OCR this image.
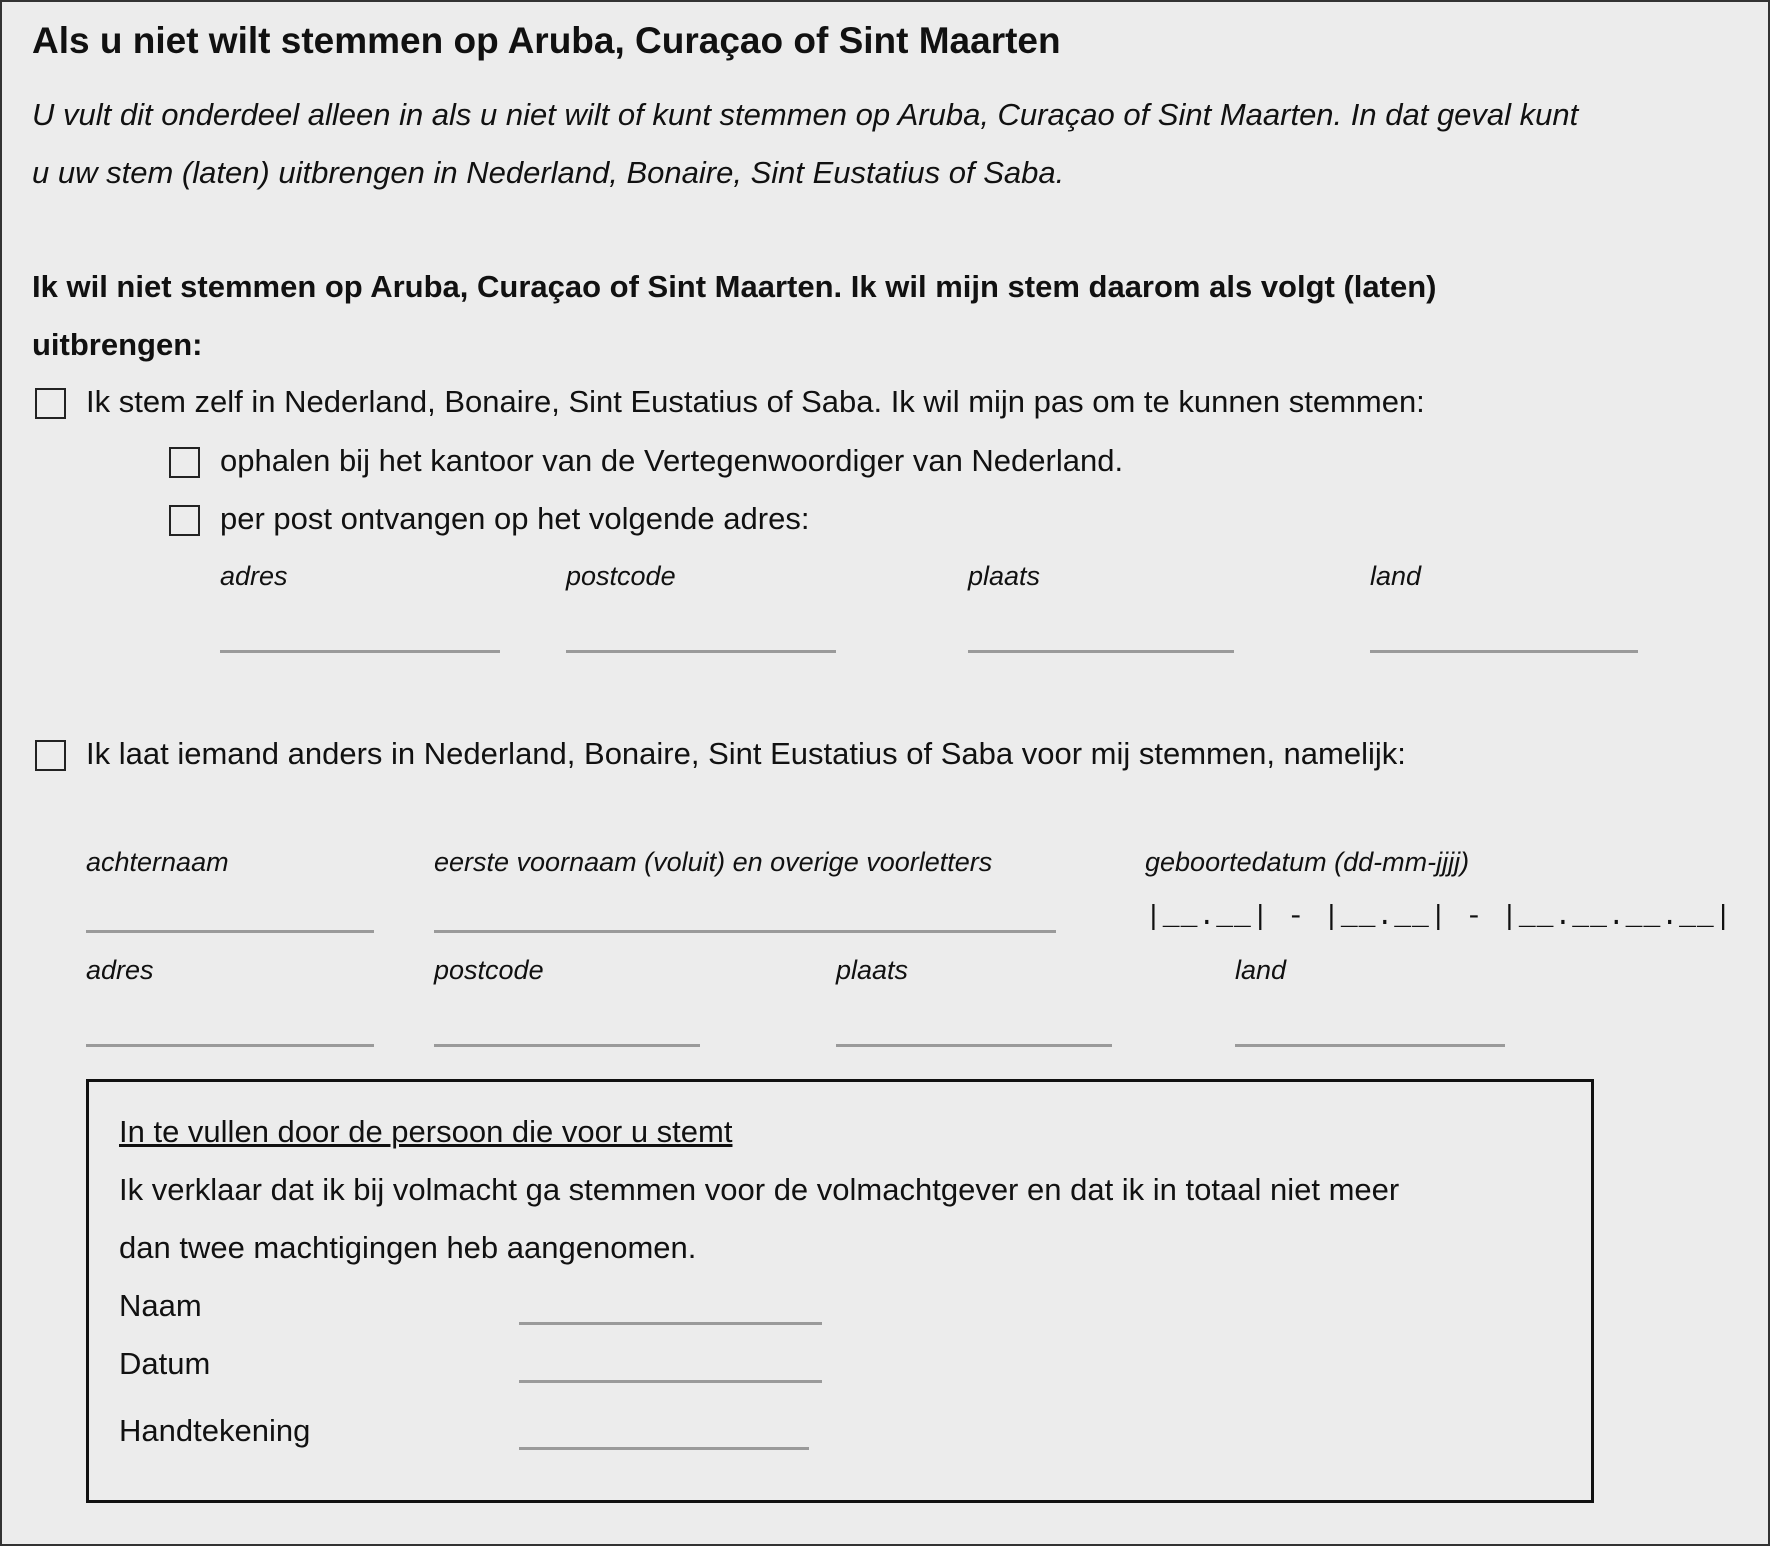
Als u niet wilt stemmen op Aruba, Curaçao of Sint Maarten
U vult dit onderdeel alleen in als u niet wilt of kunt stemmen op Aruba, Curaçao of Sint Maarten. In dat geval kunt
u uw stem (laten) uitbrengen in Nederland, Bonaire, Sint Eustatius of Saba.
Ik wil niet stemmen op Aruba, Curaçao of Sint Maarten. Ik wil mijn stem daarom als volgt (laten)
uitbrengen:
Ik stem zelf in Nederland, Bonaire, Sint Eustatius of Saba. Ik wil mijn pas om te kunnen stemmen:
ophalen bij het kantoor van de Vertegenwoordiger van Nederland.
per post ontvangen op het volgende adres:
adres	postcode	plaats	land
Ik laat iemand anders in Nederland, Bonaire, Sint Eustatius of Saba voor mij stemmen, namelijk:
achternaam	eerste voornaam (voluit) en overige voorletters	geboortedatum (dd-mm-jjjj)
|__.__| - |__.__| - |__.__.__.__|
adres	postcode	plaats	land
In te vullen door de persoon die voor u stemt
Ik verklaar dat ik bij volmacht ga stemmen voor de volmachtgever en dat ik in totaal niet meer
dan twee machtigingen heb aangenomen.
Naam
Datum
Handtekening
